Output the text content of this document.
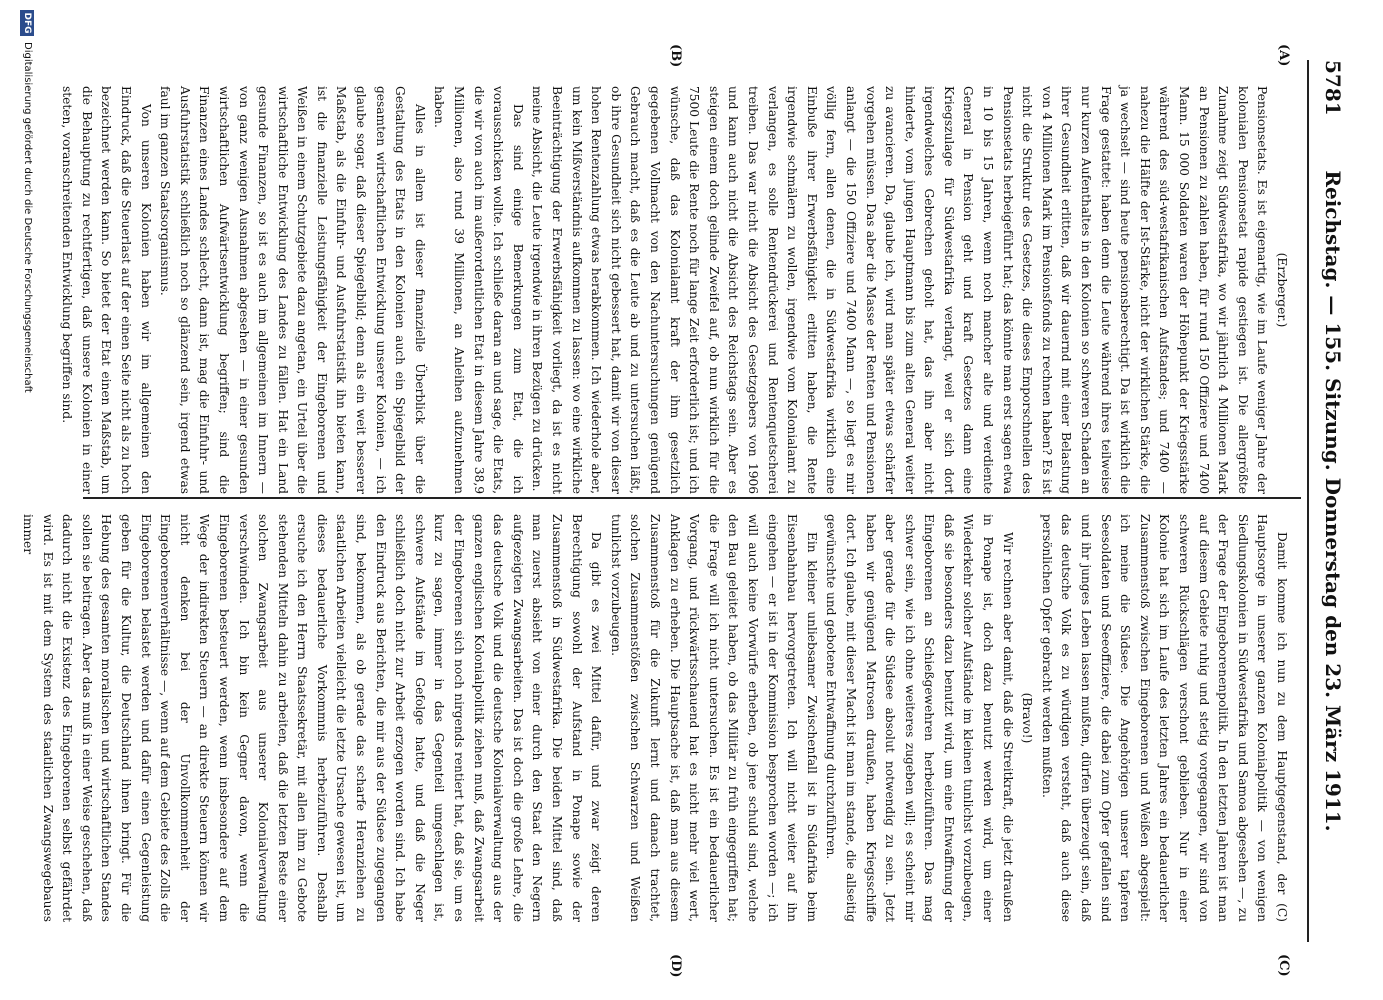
5781
Reichstag. — 155. Sitzung. Donnerstag den 23. März 1911.
(C)
(D)
(A)
(B)

(Erzberger.)

Pensionsetats. Es ist eigenartig, wie im Laufe weniger Jahre der kolonialen Pensionsetat rapide gestiegen ist. Die allergrößte Zunahme zeigt Südwestafrika, wo wir jährlich 4 Millionen Mark an Pensionen zu zahlen haben, für rund 150 Offiziere und 7400 Mann. 15 000 Soldaten waren der Höhepunkt der Kriegsstärke während des süd-westafrikanischen Aufstandes; und 7400 — nahezu die Hälfte der Ist-Stärke, nicht der wirklichen Stärke, die ja wechselt — sind heute pensionsberechtigt. Da ist wirklich die Frage gestattet: haben denn die Leute während ihres teilweise nur kurzen Aufenthaltes in den Kolonien so schweren Schaden an ihrer Gesundheit erlitten, daß wir dauernd mit einer Belastung von 4 Millionen Mark im Pensionsfonds zu rechnen haben? Es ist nicht die Struktur des Gesetzes, die dieses Emporschnellen des Pensionsetats herbeigeführt hat; das könnte man erst sagen etwa in 10 bis 15 Jahren, wenn noch mancher alte und verdiente General in Pension geht und kraft Gesetzes dann eine Kriegszulage für Südwestafrika verlangt, weil er sich dort irgendwelches Gebrechen geholt hat, das ihn aber nicht hinderte, vom jungen Hauptmann bis zum alten General weiter zu avancieren. Da, glaube ich, wird man später etwas schärfer vorgehen müssen. Das aber die Masse der Renten und Pensionen anlangt — die 150 Offiziere und 7400 Mann —, so liegt es mir völlig fern, allen denen, die in Südwestafrika wirklich eine Einbuße ihrer Erwerbsfähigkeit erlitten haben, die Rente irgendwie schmälern zu wollen, irgendwie vom Kolonialamt zu verlangen, es solle Rentendrückerei und Rentenquetscherei treiben. Das war nicht die Absicht des Gesetzgebers von 1906 und kann auch nicht die Absicht des Reichstags sein. Aber es steigen einem doch gelinde Zweifel auf, ob nun wirklich für die 7500 Leute die Rente noch für lange Zeit erforderlich ist; und ich wünsche, daß das Kolonialamt kraft der ihm gesetzlich gegebenen Vollmacht von den Nachuntersuchungen genügend Gebrauch macht, daß es die Leute ab und zu untersuchen läßt, ob ihre Gesundheit sich nicht gebessert hat, damit wir von dieser hohen Rentenzahlung etwas herabkommen. Ich wiederhole aber, um kein Mißverständnis aufkommen zu lassen: wo eine wirkliche Beeinträchtigung der Erwerbsfähigkeit vorliegt, da ist es nicht meine Absicht, die Leute irgendwie in ihren Bezügen zu drücken.

Das sind einige Bemerkungen zum Etat, die ich vorausschicken wollte. Ich schließe daran an und sage, die Etats, die wir von auch im außerordentlichen Etat in diesem Jahre 38,9 Millionen, also rund 39 Millionen, an Anleihen aufzunehmen haben.

Alles in allem ist dieser finanzielle Überblick über die Gestaltung des Etats in den Kolonien auch ein Spiegelbild der gesamten wirtschaftlichen Entwicklung unserer Kolonien, — ich glaube sogar, daß dieser Spiegelbild; denn als ein weit besserer Maßstab, als die Einfuhr- und Ausfuhrstatistik ihn bieten kann, ist die finanzielle Leistungsfähigkeit der Eingeborenen und Weißen in einem Schutzgebiete dazu angetan, ein Urteil über die wirtschaftliche Entwicklung des Landes zu fällen. Hat ein Land gesunde Finanzen, so ist es auch im allgemeinen im Innern — von ganz wenigen Ausnahmen abgesehen — in einer gesunden wirtschaftlichen Aufwärtsentwicklung begriffen; sind die Finanzen eines Landes schlecht, dann ist, mag die Einfuhr- und Ausfuhrstatistik schließlich noch so glänzend sein, irgend etwas faul im ganzen Staatsorganismus.

Von unseren Kolonien haben wir im allgemeinen den Eindruck, daß die Steuerlast auf der einen Seite nicht als zu hoch bezeichnet werden kann. So bietet der Etat einen Maßstab, um die Behauptung zu rechtfertigen, daß unsere Kolonien in einer steten, voranschreitenden Entwicklung begriffen sind.

Damit komme ich nun zu dem Hauptgegenstand, der (C) Hauptsorge in unserer ganzen Kolonialpolitik — von wenigen Siedlungskolonien in Südwestafrika und Samoa abgesehen —, zu der Frage der Eingeborenenpolitik. In den letzten Jahren ist man auf diesem Gebiete ruhig und stetig vorgegangen, wir sind von schweren Rückschlägen verschont geblieben. Nur in einer Kolonie hat sich im Laufe des letzten Jahres ein bedauerlicher Zusammenstoß zwischen Eingeborenen und Weißen abgespielt: ich meine die Südsee. Die Angehörigen unserer tapferen Seesoldaten und Seeoffiziere, die dabei zum Opfer gefallen sind und ihr junges Leben lassen mußten, dürfen überzeugt sein, daß das deutsche Volk es zu würdigen versteht, daß auch diese persönlichen Opfer gebracht werden mußten.

(Bravo!)

Wir rechnen aber damit, daß die Streitkraft, die jetzt draußen in Ponape ist, doch dazu benutzt werden wird, um einer Wiederkehr solcher Aufstände im kleinen tunlichst vorzubeugen, daß sie besonders dazu benutzt wird, um eine Entwaffnung der Eingeborenen an Schießgewehren herbeizuführen. Das mag schwer sein, wie ich ohne weiteres zugeben will; es scheint mir aber gerade für die Südsee absolut notwendig zu sein. Jetzt haben wir genügend Matrosen draußen, haben Kriegsschiffe dort. Ich glaube, mit dieser Macht ist man im stande, die allseitig gewünschte und gebotene Entwaffnung durchzuführen.

Ein kleiner unliebsamer Zwischenfall ist in Südafrika beim Eisenbahnbau hervorgetreten. Ich will nicht weiter auf ihn eingehen — er ist in der Kommission besprochen worden —; ich will auch keine Vorwürfe erheben, ob jene schuld sind, welche den Bau geleitet haben, ob das Militär zu früh eingegriffen hat; die Frage will ich nicht untersuchen. Es ist ein bedauerlicher Vorgang, und rückwärtsschauend hat es nicht mehr viel wert, Anklagen zu erheben. Die Hauptsache ist, daß man aus diesem Zusammenstoß für die Zukunft lernt und danach trachtet, solchen Zusammenstößen zwischen Schwarzen und Weißen tunlichst vorzubeugen.

Da gibt es zwei Mittel dafür, und zwar zeigt deren Berechtigung sowohl der Aufstand in Ponape sowie der Zusammenstoß in Südwestafrika. Die beiden Mittel sind, daß man zuerst absieht von einer durch den Staat den Negern aufgezeigten Zwangsarbeiten. Das ist doch die große Lehre, die das deutsche Volk und die deutsche Kolonialverwaltung aus der ganzen englischen Kolonialpolitik ziehen muß, daß Zwangsarbeit der Eingeborenen sich noch nirgends rentiert hat, daß sie, um es kurz zu sagen, immer in das Gegenteil umgeschlagen ist, schwere Aufstände im Gefolge hatte, und daß die Neger schließlich doch nicht zur Arbeit erzogen worden sind. Ich habe den Eindruck aus Berichten, die mir aus der Südsee zugegangen sind, bekommen, als ob gerade das scharfe Heranziehen zu staatlichen Arbeiten vielleicht die letzte Ursache gewesen ist, um dieses bedauerliche Vorkommnis herbeizuführen. Deshalb ersuche ich den Herrn Staatssekretär, mit allen ihm zu Gebote stehenden Mitteln dahin zu arbeiten, daß die letzten Reste einer solchen Zwangsarbeit aus unserer Kolonialverwaltung verschwinden. Ich bin kein Gegner davon, wenn die Eingeborenen besteuert werden, wenn insbesondere auf dem Wege der indirekten Steuern — an direkte Steuern können wir nicht denken bei der Unvollkommenheit der Eingeborenenverhältnisse —, wenn auf dem Gebiete des Zolls die Eingeborenen belastet werden und dafür einen Gegenleistung geben für die Kultur, die Deutschland ihnen bringt. Für die Hebung des gesamten moralischen und wirtschaftlichen Standes sollen sie beitragen. Aber das muß in einer Weise geschehen, daß dadurch nicht die Existenz des Eingeborenen selbst gefährdet wird. Es ist mit dem System des staatlichen Zwangswegebaues immer

DFG
Digitalisierung gefördert durch die Deutsche Forschungsgemeinschaft
